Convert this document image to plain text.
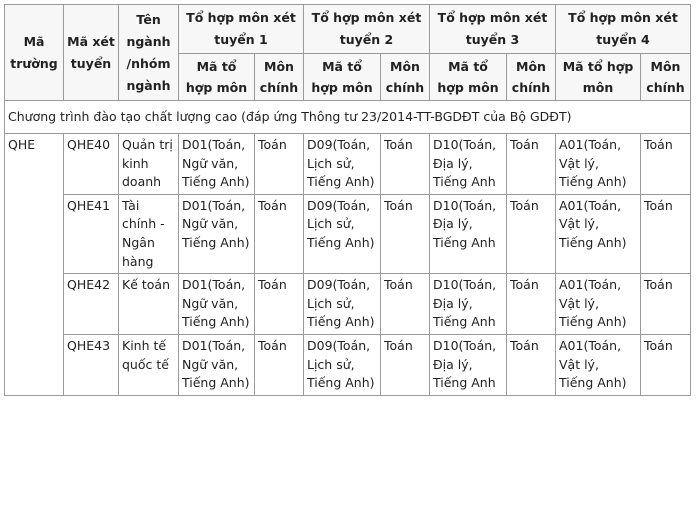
Mã trường	Mã xét tuyển	Tên ngành /nhóm ngành	Tổ hợp môn xét tuyển 1		Tổ hợp môn xét tuyển 2		Tổ hợp môn xét tuyển 3		Tổ hợp môn xét tuyển 4	
			Mã tổ hợp môn	Môn chính	Mã tổ hợp môn	Môn chính	Mã tổ hợp môn	Môn chính	Mã tổ hợp môn	Môn chính
Chương trình đào tạo chất lượng cao (đáp ứng Thông tư 23/2014-TT-BGDĐT của Bộ GDĐT)										
QHE	QHE40	Quản trị kinh doanh	D01(Toán, Ngữ văn, Tiếng Anh)	Toán	D09(Toán, Lịch sử, Tiếng Anh)	Toán	D10(Toán, Địa lý, Tiếng Anh	Toán	A01(Toán, Vật lý, Tiếng Anh)	Toán
	QHE41	Tài chính - Ngân hàng	D01(Toán, Ngữ văn, Tiếng Anh)	Toán	D09(Toán, Lịch sử, Tiếng Anh)	Toán	D10(Toán, Địa lý, Tiếng Anh	Toán	A01(Toán, Vật lý, Tiếng Anh)	Toán
	QHE42	Kế toán	D01(Toán, Ngữ văn, Tiếng Anh)	Toán	D09(Toán, Lịch sử, Tiếng Anh)	Toán	D10(Toán, Địa lý, Tiếng Anh	Toán	A01(Toán, Vật lý, Tiếng Anh)	Toán
	QHE43	Kinh tế quốc tế	D01(Toán, Ngữ văn, Tiếng Anh)	Toán	D09(Toán, Lịch sử, Tiếng Anh)	Toán	D10(Toán, Địa lý, Tiếng Anh	Toán	A01(Toán, Vật lý, Tiếng Anh)	Toán
